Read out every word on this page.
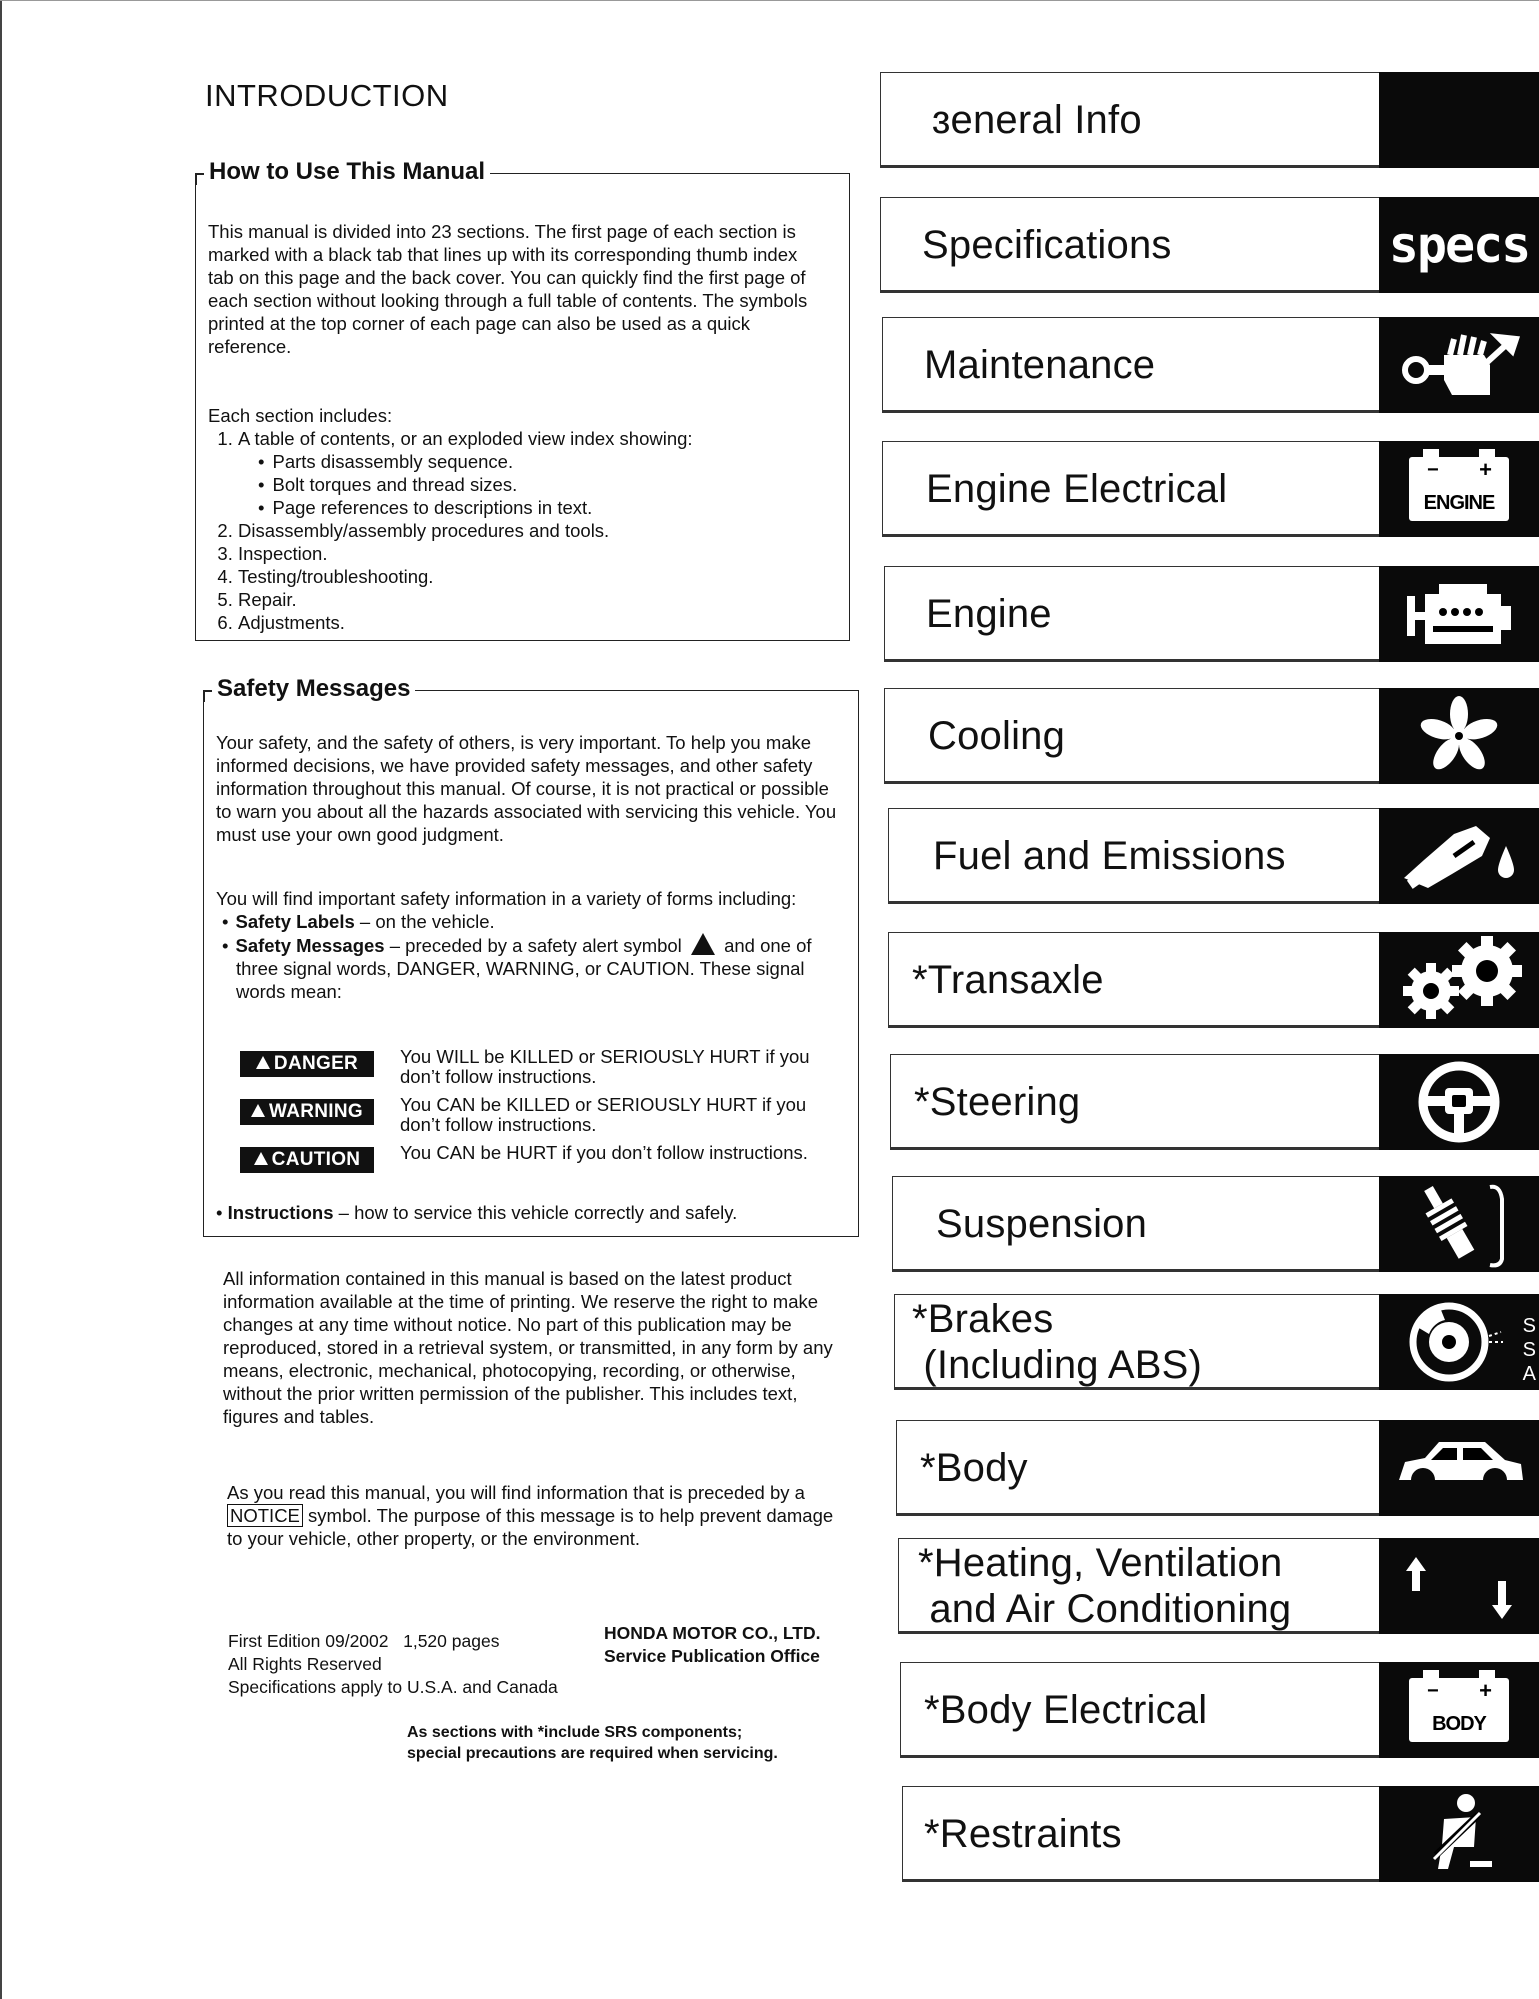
INTRODUCTION
How to Use This Manual
This manual is divided into 23 sections. The first page of each section is marked with a black tab that lines up with its corresponding thumb index tab on this page and the back cover. You can quickly find the first page of each section without looking through a full table of contents. The symbols printed at the top corner of each page can also be used as a quick reference.
Each section includes:
1. A table of contents, or an exploded view index showing:
• Parts disassembly sequence.
• Bolt torques and thread sizes.
• Page references to descriptions in text.
2. Disassembly/assembly procedures and tools.
3. Inspection.
4. Testing/troubleshooting.
5. Repair.
6. Adjustments.
Safety Messages
Your safety, and the safety of others, is very important. To help you make informed decisions, we have provided safety messages, and other safety information throughout this manual. Of course, it is not practical or possible to warn you about all the hazards associated with servicing this vehicle. You must use your own good judgment.
You will find important safety information in a variety of forms including:
• Safety Labels – on the vehicle.
• Safety Messages – preceded by a safety alert symbol  and one of three signal words, DANGER, WARNING, or CAUTION. These signal words mean:
DANGER	You WILL be KILLED or SERIOUSLY HURT if you don’t follow instructions.
WARNING	You CAN be KILLED or SERIOUSLY HURT if you don’t follow instructions.
CAUTION	You CAN be HURT if you don’t follow instructions.
• Instructions – how to service this vehicle correctly and safely.
All information contained in this manual is based on the latest product information available at the time of printing. We reserve the right to make changes at any time without notice. No part of this publication may be reproduced, stored in a retrieval system, or transmitted, in any form by any means, electronic, mechanical, photocopying, recording, or otherwise, without the prior written permission of the publisher. This includes text, figures and tables.
As you read this manual, you will find information that is preceded by a NOTICE symbol. The purpose of this message is to help prevent damage to your vehicle, other property, or the environment.
First Edition 09/2002 1,520 pages
All Rights Reserved
Specifications apply to U.S.A. and Canada
HONDA MOTOR CO., LTD.
Service Publication Office
As sections with *include SRS components;
special precautions are required when servicing.
ɜeneral Info
Specifications	specs
Maintenance
Engine Electrical	− +
ENGINE
Engine
Cooling
Fuel and Emissions
*Transaxle
*Steering
Suspension
*Brakes
(Including ABS)
S
S
A
*Body
*Heating, Ventilation
and Air Conditioning
*Body Electrical	− +
BODY
*Restraints
